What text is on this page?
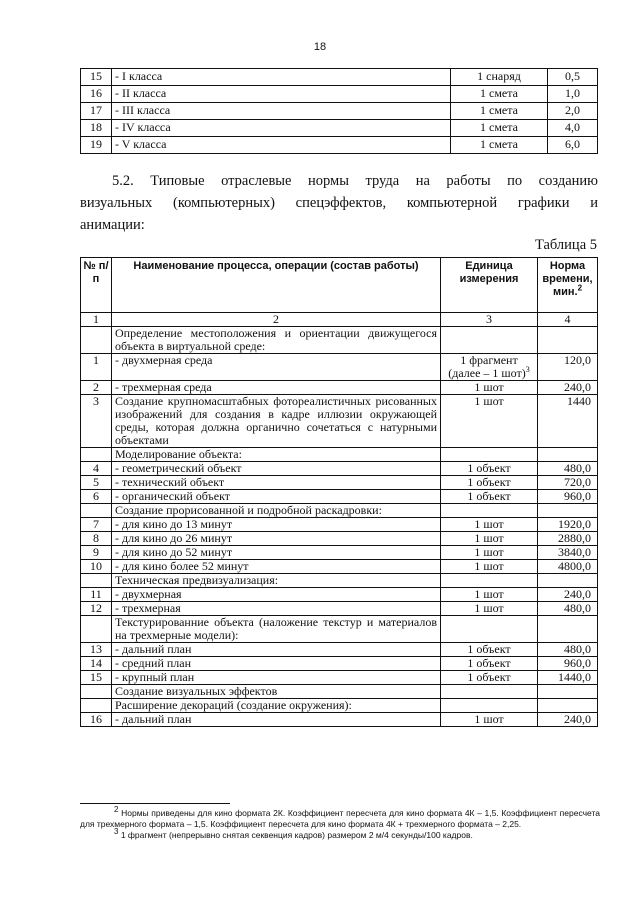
18
15	- I класса	1 снаряд	0,5
16	- II класса	1 смета	1,0
17	- III класса	1 смета	2,0
18	- IV класса	1 смета	4,0
19	- V класса	1 смета	6,0
5.2. Типовые отраслевые нормы труда на работы по созданию
визуальных (компьютерных) спецэффектов, компьютерной графики и
анимации:
Таблица 5
№ п/п	Наименование процесса, операции (состав работы)	Единица измерения	Норма времени, мин.$^2$
1	2	3	4
	Определение местоположения и ориентации движущегося объекта в виртуальной среде:		
1	- двухмерная среда	1 фрагмент (далее – 1 шот)$^3$	120,0
2	- трехмерная среда	1 шот	240,0
3	Создание крупномасштабных фотореалистичных рисованных изображений для создания в кадре иллюзии окружающей среды, которая должна органично сочетаться с натурными объектами	1 шот	1440
	Моделирование объекта:		
4	- геометрический объект	1 объект	480,0
5	- технический объект	1 объект	720,0
6	- органический объект	1 объект	960,0
	Создание прорисованной и подробной раскадровки:		
7	- для кино до 13 минут	1 шот	1920,0
8	- для кино до 26 минут	1 шот	2880,0
9	- для кино до 52 минут	1 шот	3840,0
10	- для кино более 52 минут	1 шот	4800,0
	Техническая предвизуализация:		
11	- двухмерная	1 шот	240,0
12	- трехмерная	1 шот	480,0
	Текстурированние объекта (наложение текстур и материалов на трехмерные модели):		
13	- дальний план	1 объект	480,0
14	- средний план	1 объект	960,0
15	- крупный план	1 объект	1440,0
	Создание визуальных эффектов		
	Расширение декораций (создание окружения):		
16	- дальний план	1 шот	240,0

$^2$ Нормы приведены для кино формата 2К. Коэффициент пересчета для кино формата 4К – 1,5. Коэффициент пересчета для трехмерного формата – 1,5. Коэффициент пересчета для кино формата 4К + трехмерного формата – 2,25.

$^3$ 1 фрагмент (непрерывно снятая секвенция кадров) размером 2 м/4 секунды/100 кадров.
